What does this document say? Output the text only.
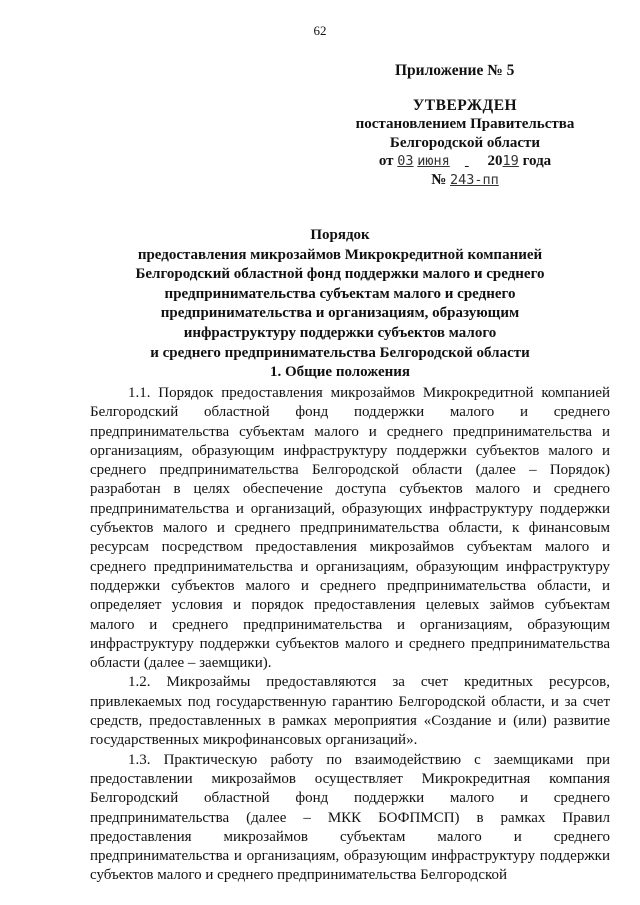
62
Приложение № 5
УТВЕРЖДЕН
постановлением Правительства
Белгородской области
от 03 июня	2019 года
№ 243-пп
Порядок
предоставления микрозаймов Микрокредитной компанией
Белгородский областной фонд поддержки малого и среднего
предпринимательства субъектам малого и среднего
предпринимательства и организациям, образующим
инфраструктуру поддержки субъектов малого
и среднего предпринимательства Белгородской области
1. Общие положения

1.1. Порядок предоставления микрозаймов Микрокредитной компанией Белгородский областной фонд поддержки малого и среднего предпринимательства субъектам малого и среднего предпринимательства и организациям, образующим инфраструктуру поддержки субъектов малого и среднего предпринимательства Белгородской области (далее – Порядок) разработан в целях обеспечение доступа субъектов малого и среднего предпринимательства и организаций, образующих инфраструктуру поддержки субъектов малого и среднего предпринимательства области, к финансовым ресурсам посредством предоставления микрозаймов субъектам малого и среднего предпринимательства и организациям, образующим инфраструктуру поддержки субъектов малого и среднего предпринимательства области, и определяет условия и порядок предоставления целевых займов субъектам малого и среднего предпринимательства и организациям, образующим инфраструктуру поддержки субъектов малого и среднего предпринимательства области (далее – заемщики).

1.2. Микрозаймы предоставляются за счет кредитных ресурсов, привлекаемых под государственную гарантию Белгородской области, и за счет средств, предоставленных в рамках мероприятия «Создание и (или) развитие государственных микрофинансовых организаций».

1.3. Практическую работу по взаимодействию с заемщиками при предоставлении микрозаймов осуществляет Микрокредитная компания Белгородский областной фонд поддержки малого и среднего предпринимательства (далее – МКК БОФПМСП) в рамках Правил предоставления микрозаймов субъектам малого и среднего предпринимательства и организациям, образующим инфраструктуру поддержки субъектов малого и среднего предпринимательства Белгородской
